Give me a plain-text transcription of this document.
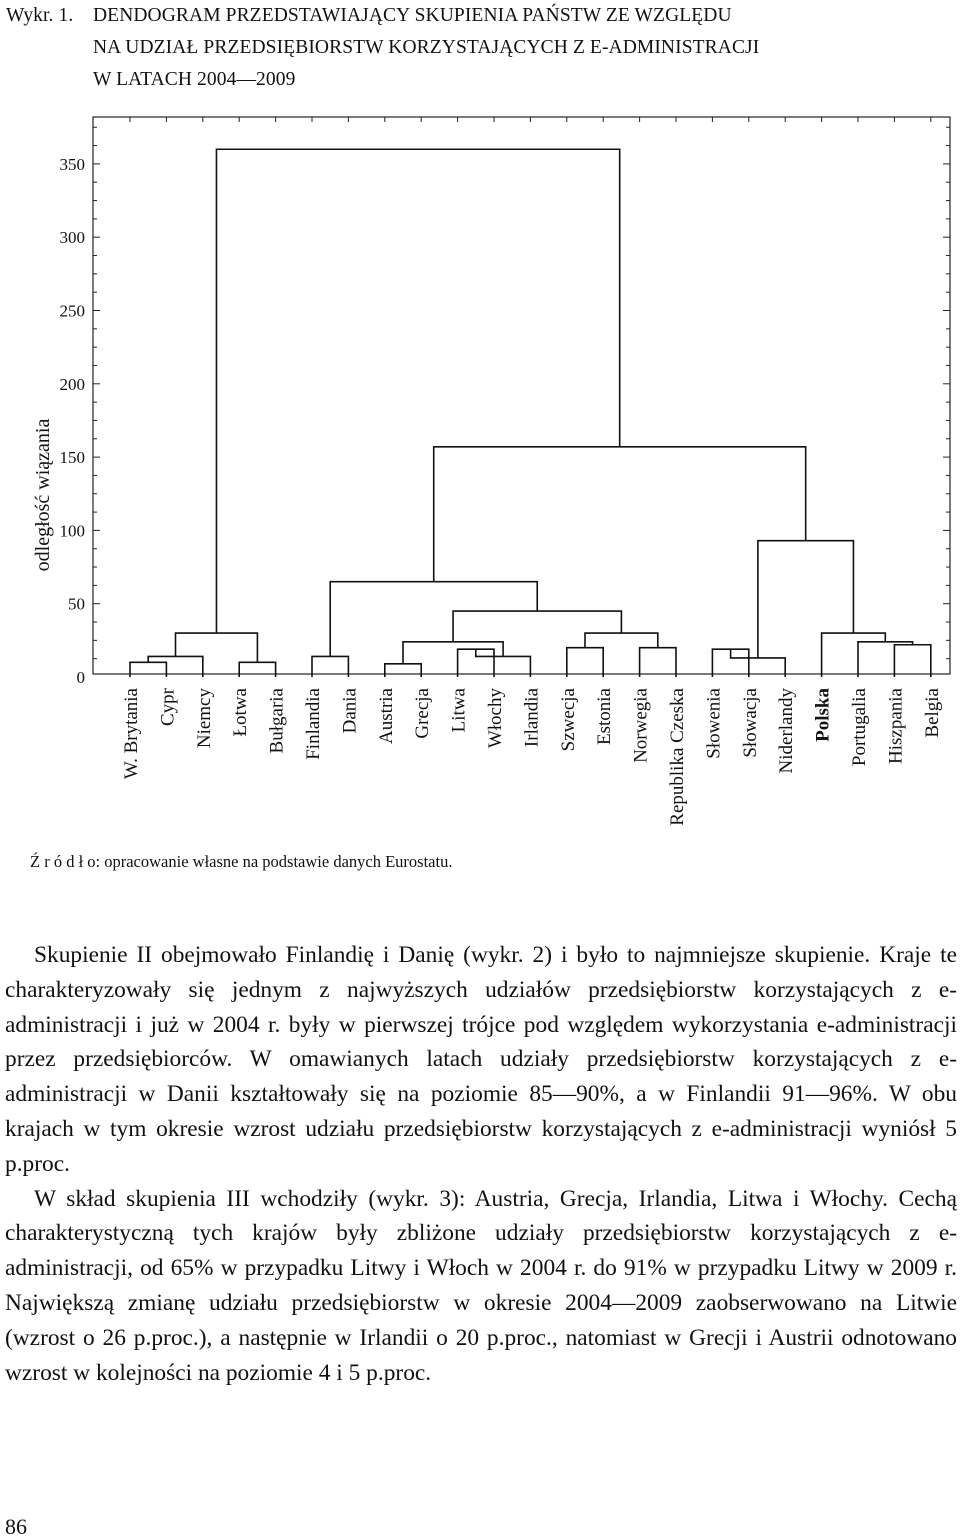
Wykr. 1. DENDOGRAM PRZEDSTAWIAJĄCY SKUPIENIA PAŃSTW ZE WZGLĘDU
NA UDZIAŁ PRZEDSIĘBIORSTW KORZYSTAJĄCYCH Z E-ADMINISTRACJI
W LATACH 2004—2009
0
50
100
150
200
250
300
350
W. Brytania Cypr Niemcy Łotwa Bułgaria Finlandia Dania Austria Grecja Litwa Włochy Irlandia Szwecja Estonia Norwegia Republika Czeska Słowenia Słowacja Niderlandy Polska Portugalia Hiszpania Belgia
odległość wiązania
Ź r ó d ł o: opracowanie własne na podstawie danych Eurostatu.

Skupienie II obejmowało Finlandię i Danię (wykr. 2) i było to najmniejsze skupienie. Kraje te charakteryzowały się jednym z najwyższych udziałów przedsiębiorstw korzystających z e-administracji i już w 2004 r. były w pierwszej trójce pod względem wykorzystania e-administracji przez przedsiębiorców. W omawianych latach udziały przedsiębiorstw korzystających z e-administracji w Danii kształtowały się na poziomie 85—90%, a w Finlandii 91—96%. W obu krajach w tym okresie wzrost udziału przedsiębiorstw korzystających z e-administracji wyniósł 5 p.proc.

W skład skupienia III wchodziły (wykr. 3): Austria, Grecja, Irlandia, Litwa i Włochy. Cechą charakterystyczną tych krajów były zbliżone udziały przedsiębiorstw korzystających z e-administracji, od 65% w przypadku Litwy i Włoch w 2004 r. do 91% w przypadku Litwy w 2009 r. Największą zmianę udziału przedsiębiorstw w okresie 2004—2009 zaobserwowano na Litwie (wzrost o 26 p.proc.), a następnie w Irlandii o 20 p.proc., natomiast w Grecji i Austrii odnotowano wzrost w kolejności na poziomie 4 i 5 p.proc.

86
